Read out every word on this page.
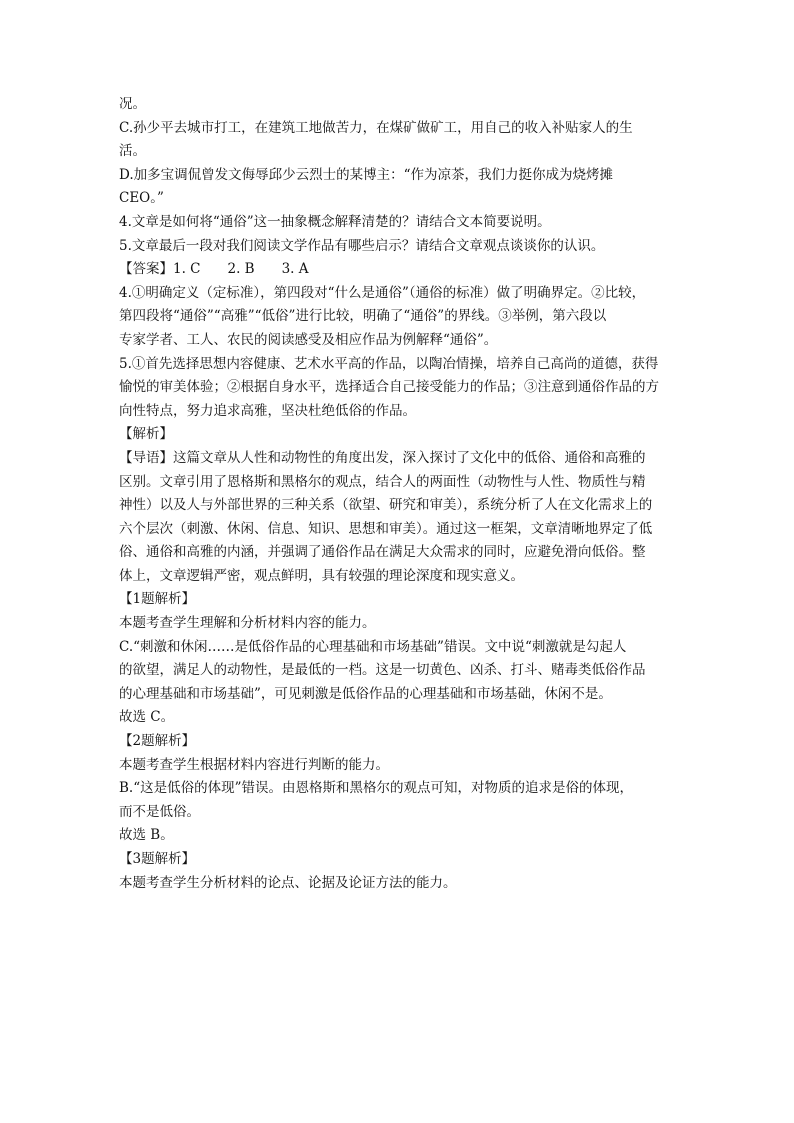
况。
C.孙少平去城市打工，在建筑工地做苦力，在煤矿做矿工，用自己的收入补贴家人的生
活。
D.加多宝调侃曾发文侮辱邱少云烈士的某博主：“作为凉茶，我们力挺你成为烧烤摊
CEO。”
4.文章是如何将“通俗”这一抽象概念解释清楚的？请结合文本简要说明。
5.文章最后一段对我们阅读文学作品有哪些启示？请结合文章观点谈谈你的认识。
【答案】1. C　　2. B　　3. A
4.①明确定义（定标准），第四段对“什么是通俗”（通俗的标准）做了明确界定。②比较，
第四段将“通俗”“高雅”“低俗”进行比较，明确了“通俗”的界线。③举例，第六段以
专家学者、工人、农民的阅读感受及相应作品为例解释“通俗”。
5.①首先选择思想内容健康、艺术水平高的作品，以陶冶情操，培养自己高尚的道德，获得
愉悦的审美体验；②根据自身水平，选择适合自己接受能力的作品；③注意到通俗作品的方
向性特点，努力追求高雅，坚决杜绝低俗的作品。
【解析】
【导语】这篇文章从人性和动物性的角度出发，深入探讨了文化中的低俗、通俗和高雅的
区别。文章引用了恩格斯和黑格尔的观点，结合人的两面性（动物性与人性、物质性与精
神性）以及人与外部世界的三种关系（欲望、研究和审美），系统分析了人在文化需求上的
六个层次（刺激、休闲、信息、知识、思想和审美）。通过这一框架，文章清晰地界定了低
俗、通俗和高雅的内涵，并强调了通俗作品在满足大众需求的同时，应避免滑向低俗。整
体上，文章逻辑严密，观点鲜明，具有较强的理论深度和现实意义。
【1题解析】
本题考查学生理解和分析材料内容的能力。
C.“刺激和休闲……是低俗作品的心理基础和市场基础”错误。文中说“刺激就是勾起人
的欲望，满足人的动物性，是最低的一档。这是一切黄色、凶杀、打斗、赌毒类低俗作品
的心理基础和市场基础”，可见刺激是低俗作品的心理基础和市场基础，休闲不是。
故选 C。
【2题解析】
本题考查学生根据材料内容进行判断的能力。
B.“这是低俗的体现”错误。由恩格斯和黑格尔的观点可知，对物质的追求是俗的体现，
而不是低俗。
故选 B。
【3题解析】
本题考查学生分析材料的论点、论据及论证方法的能力。
